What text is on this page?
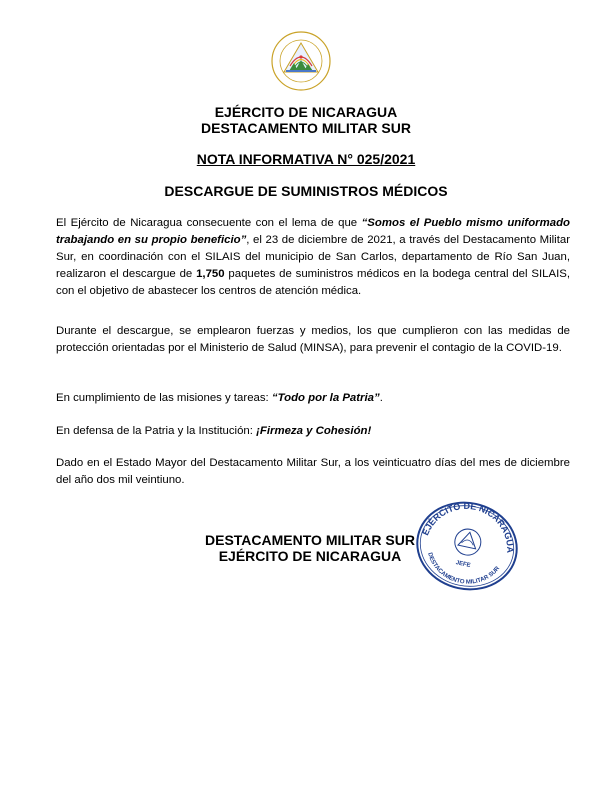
EJÉRCITO DE NICARAGUA
DESTACAMENTO MILITAR SUR
NOTA INFORMATIVA N° 025/2021
DESCARGUE DE SUMINISTROS MÉDICOS

El Ejército de Nicaragua consecuente con el lema de que “Somos el Pueblo mismo uniformado trabajando en su propio beneficio”, el 23 de diciembre de 2021, a través del Destacamento Militar Sur, en coordinación con el SILAIS del municipio de San Carlos, departamento de Río San Juan, realizaron el descargue de 1,750 paquetes de suministros médicos en la bodega central del SILAIS, con el objetivo de abastecer los centros de atención médica.

Durante el descargue, se emplearon fuerzas y medios, los que cumplieron con las medidas de protección orientadas por el Ministerio de Salud (MINSA), para prevenir el contagio de la COVID-19.

En cumplimiento de las misiones y tareas: “Todo por la Patria”.

En defensa de la Patria y la Institución: ¡Firmeza y Cohesión!

Dado en el Estado Mayor del Destacamento Militar Sur, a los veinticuatro días del mes de diciembre del año dos mil veintiuno.

DESTACAMENTO MILITAR SUR
EJÉRCITO DE NICARAGUA
EJÉRCITO DE NICARAGUA
DESTACAMENTO MILITAR SUR
JEFE
